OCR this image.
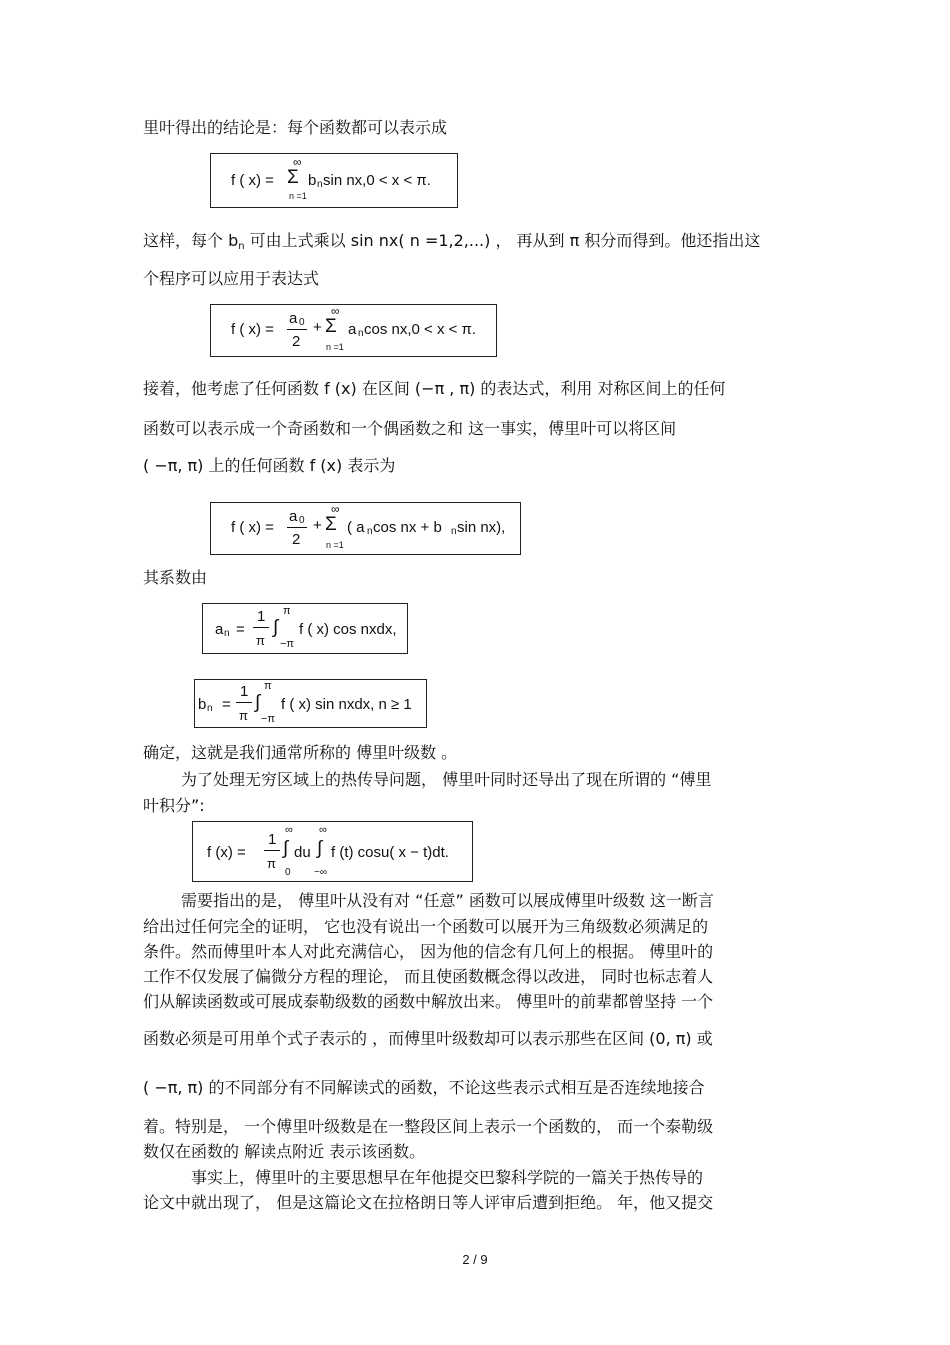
里叶得出的结论是：每个函数都可以表示成
f ( x) =
∞
Σ
n =1
b n sin nx,0 < x < π.
这样，每个 bn 可由上式乘以 sin nx( n =1,2,...) ， 再从到 π 积分而得到。他还指出这
个程序可以应用于表达式
f ( x) =
a 0
2
+
∞
Σ
n =1
a n cos nx,0 < x < π.
接着，他考虑了任何函数 f (x) 在区间 (−π , π) 的表达式，利用 对称区间上的任何
函数可以表示成一个奇函数和一个偶函数之和 这一事实，傅里叶可以将区间
( −π, π) 上的任何函数 f (x) 表示为
f ( x) =
a 0
2
+
∞
Σ
n =1
( a n cos nx + b n sin nx),
其系数由
a n =
1
π
π
∫
−π
f ( x) cos nxdx,
b n =
1
π
π
∫
−π
f ( x) sin nxdx, n ≥ 1
确定，这就是我们通常所称的 傅里叶级数 。
为了处理无穷区域上的热传导问题， 傅里叶同时还导出了现在所谓的 “傅里
叶积分”:
f (x) =
1
π
∞
∫
0
du
∞
∫
−∞
f (t) cosu( x − t)dt.
需要指出的是， 傅里叶从没有对 “任意” 函数可以展成傅里叶级数 这一断言
给出过任何完全的证明， 它也没有说出一个函数可以展开为三角级数必须满足的
条件。然而傅里叶本人对此充满信心， 因为他的信念有几何上的根据。 傅里叶的
工作不仅发展了偏微分方程的理论， 而且使函数概念得以改进， 同时也标志着人
们从解读函数或可展成泰勒级数的函数中解放出来。 傅里叶的前辈都曾坚持 一个
函数必须是可用单个式子表示的 ，而傅里叶级数却可以表示那些在区间 (0, π) 或
( −π, π) 的不同部分有不同解读式的函数，不论这些表示式相互是否连续地接合
着。特别是， 一个傅里叶级数是在一整段区间上表示一个函数的， 而一个泰勒级
数仅在函数的 解读点附近 表示该函数。
事实上，傅里叶的主要思想早在年他提交巴黎科学院的一篇关于热传导的
论文中就出现了， 但是这篇论文在拉格朗日等人评审后遭到拒绝。 年，他又提交
2 / 9
